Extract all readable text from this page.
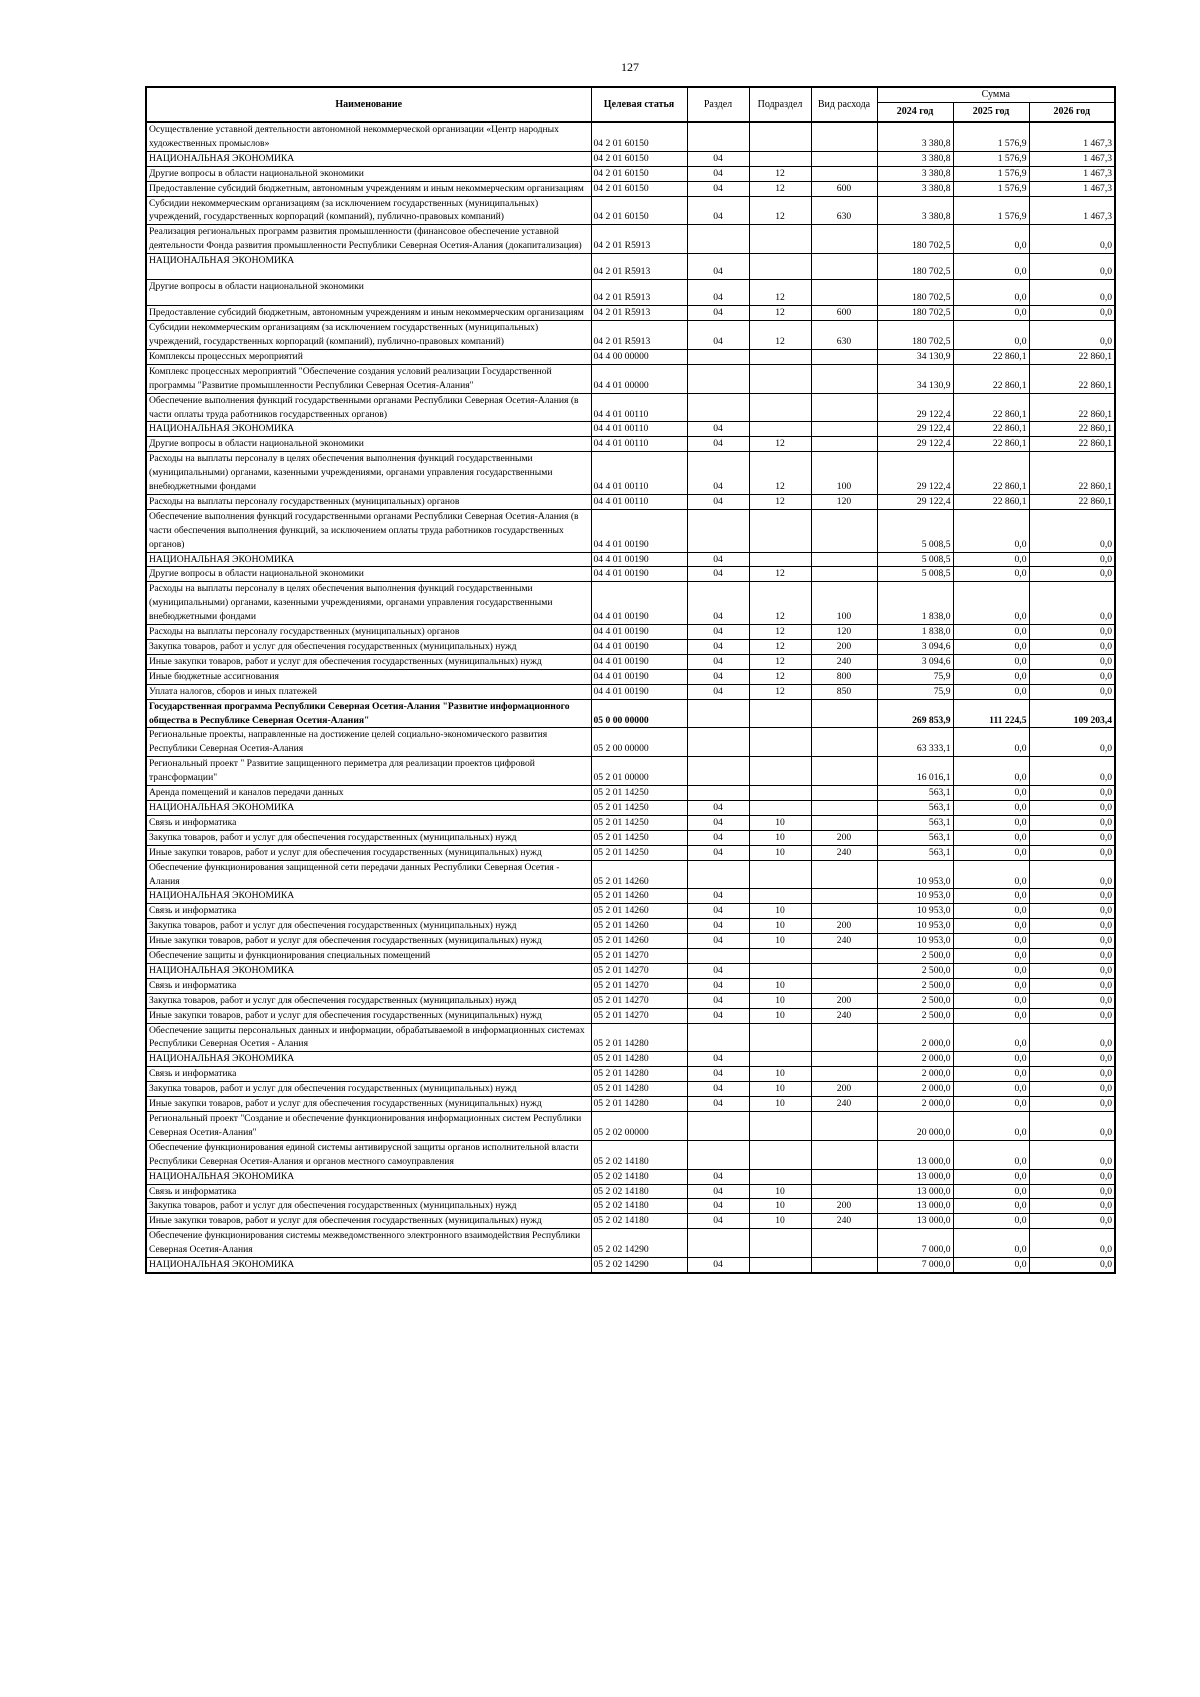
127
Наименование	Целевая статья	Раздел	Подраздел	Вид расхода	Сумма		
					2024 год	2025 год	2026 год
Осуществление уставной деятельности автономной некоммерческой организации «Центр народных художественных промыслов»	04 2 01 60150				3 380,8	1 576,9	1 467,3
НАЦИОНАЛЬНАЯ ЭКОНОМИКА	04 2 01 60150	04			3 380,8	1 576,9	1 467,3
Другие вопросы в области национальной экономики	04 2 01 60150	04	12		3 380,8	1 576,9	1 467,3
Предоставление субсидий бюджетным, автономным учреждениям и иным некоммерческим организациям	04 2 01 60150	04	12	600	3 380,8	1 576,9	1 467,3
Субсидии некоммерческим организациям (за исключением государственных (муниципальных) учреждений, государственных корпораций (компаний), публично-правовых компаний)	04 2 01 60150	04	12	630	3 380,8	1 576,9	1 467,3
Реализация региональных программ развития промышленности (финансовое обеспечение уставной деятельности Фонда развития промышленности Республики Северная Осетия-Алания (докапитализация)	04 2 01 R5913				180 702,5	0,0	0,0
НАЦИОНАЛЬНАЯ ЭКОНОМИКА	04 2 01 R5913	04			180 702,5	0,0	0,0
Другие вопросы в области национальной экономики	04 2 01 R5913	04	12		180 702,5	0,0	0,0
Предоставление субсидий бюджетным, автономным учреждениям и иным некоммерческим организациям	04 2 01 R5913	04	12	600	180 702,5	0,0	0,0
Субсидии некоммерческим организациям (за исключением государственных (муниципальных) учреждений, государственных корпораций (компаний), публично-правовых компаний)	04 2 01 R5913	04	12	630	180 702,5	0,0	0,0
Комплексы процессных мероприятий	04 4 00 00000				34 130,9	22 860,1	22 860,1
Комплекс процессных мероприятий "Обеспечение создания условий реализации Государственной программы "Развитие промышленности Республики Северная Осетия-Алания"	04 4 01 00000				34 130,9	22 860,1	22 860,1
Обеспечение выполнения функций государственными органами Республики Северная Осетия-Алания (в части оплаты труда работников государственных органов)	04 4 01 00110				29 122,4	22 860,1	22 860,1
НАЦИОНАЛЬНАЯ ЭКОНОМИКА	04 4 01 00110	04			29 122,4	22 860,1	22 860,1
Другие вопросы в области национальной экономики	04 4 01 00110	04	12		29 122,4	22 860,1	22 860,1
Расходы на выплаты персоналу в целях обеспечения выполнения функций государственными (муниципальными) органами, казенными учреждениями, органами управления государственными внебюджетными фондами	04 4 01 00110	04	12	100	29 122,4	22 860,1	22 860,1
Расходы на выплаты персоналу государственных (муниципальных) органов	04 4 01 00110	04	12	120	29 122,4	22 860,1	22 860,1
Обеспечение выполнения функций государственными органами Республики Северная Осетия-Алания (в части обеспечения выполнения функций, за исключением оплаты труда работников государственных органов)	04 4 01 00190				5 008,5	0,0	0,0
НАЦИОНАЛЬНАЯ ЭКОНОМИКА	04 4 01 00190	04			5 008,5	0,0	0,0
Другие вопросы в области национальной экономики	04 4 01 00190	04	12		5 008,5	0,0	0,0
Расходы на выплаты персоналу в целях обеспечения выполнения функций государственными (муниципальными) органами, казенными учреждениями, органами управления государственными внебюджетными фондами	04 4 01 00190	04	12	100	1 838,0	0,0	0,0
Расходы на выплаты персоналу государственных (муниципальных) органов	04 4 01 00190	04	12	120	1 838,0	0,0	0,0
Закупка товаров, работ и услуг для обеспечения государственных (муниципальных) нужд	04 4 01 00190	04	12	200	3 094,6	0,0	0,0
Иные закупки товаров, работ и услуг для обеспечения государственных (муниципальных) нужд	04 4 01 00190	04	12	240	3 094,6	0,0	0,0
Иные бюджетные ассигнования	04 4 01 00190	04	12	800	75,9	0,0	0,0
Уплата налогов, сборов и иных платежей	04 4 01 00190	04	12	850	75,9	0,0	0,0
Государственная программа Республики Северная Осетия-Алания "Развитие информационного общества в Республике Северная Осетия-Алания"	05 0 00 00000				269 853,9	111 224,5	109 203,4
Региональные проекты, направленные на достижение целей социально-экономического развития Республики Северная Осетия-Алания	05 2 00 00000				63 333,1	0,0	0,0
Региональный проект " Развитие защищенного периметра для реализации проектов цифровой трансформации"	05 2 01 00000				16 016,1	0,0	0,0
Аренда помещений и каналов передачи данных	05 2 01 14250				563,1	0,0	0,0
НАЦИОНАЛЬНАЯ ЭКОНОМИКА	05 2 01 14250	04			563,1	0,0	0,0
Связь и информатика	05 2 01 14250	04	10		563,1	0,0	0,0
Закупка товаров, работ и услуг для обеспечения государственных (муниципальных) нужд	05 2 01 14250	04	10	200	563,1	0,0	0,0
Иные закупки товаров, работ и услуг для обеспечения государственных (муниципальных) нужд	05 2 01 14250	04	10	240	563,1	0,0	0,0
Обеспечение функционирования защищенной сети передачи данных Республики Северная Осетия - Алания	05 2 01 14260				10 953,0	0,0	0,0
НАЦИОНАЛЬНАЯ ЭКОНОМИКА	05 2 01 14260	04			10 953,0	0,0	0,0
Связь и информатика	05 2 01 14260	04	10		10 953,0	0,0	0,0
Закупка товаров, работ и услуг для обеспечения государственных (муниципальных) нужд	05 2 01 14260	04	10	200	10 953,0	0,0	0,0
Иные закупки товаров, работ и услуг для обеспечения государственных (муниципальных) нужд	05 2 01 14260	04	10	240	10 953,0	0,0	0,0
Обеспечение защиты и функционирования специальных помещений	05 2 01 14270				2 500,0	0,0	0,0
НАЦИОНАЛЬНАЯ ЭКОНОМИКА	05 2 01 14270	04			2 500,0	0,0	0,0
Связь и информатика	05 2 01 14270	04	10		2 500,0	0,0	0,0
Закупка товаров, работ и услуг для обеспечения государственных (муниципальных) нужд	05 2 01 14270	04	10	200	2 500,0	0,0	0,0
Иные закупки товаров, работ и услуг для обеспечения государственных (муниципальных) нужд	05 2 01 14270	04	10	240	2 500,0	0,0	0,0
Обеспечение защиты персональных данных и информации, обрабатываемой в информационных системах Республики Северная Осетия - Алания	05 2 01 14280				2 000,0	0,0	0,0
НАЦИОНАЛЬНАЯ ЭКОНОМИКА	05 2 01 14280	04			2 000,0	0,0	0,0
Связь и информатика	05 2 01 14280	04	10		2 000,0	0,0	0,0
Закупка товаров, работ и услуг для обеспечения государственных (муниципальных) нужд	05 2 01 14280	04	10	200	2 000,0	0,0	0,0
Иные закупки товаров, работ и услуг для обеспечения государственных (муниципальных) нужд	05 2 01 14280	04	10	240	2 000,0	0,0	0,0
Региональный проект "Создание и обеспечение функционирования информационных систем Республики Северная Осетия-Алания"	05 2 02 00000				20 000,0	0,0	0,0
Обеспечение функционирования единой системы антивирусной защиты органов исполнительной власти Республики Северная Осетия-Алания и органов местного самоуправления	05 2 02 14180				13 000,0	0,0	0,0
НАЦИОНАЛЬНАЯ ЭКОНОМИКА	05 2 02 14180	04			13 000,0	0,0	0,0
Связь и информатика	05 2 02 14180	04	10		13 000,0	0,0	0,0
Закупка товаров, работ и услуг для обеспечения государственных (муниципальных) нужд	05 2 02 14180	04	10	200	13 000,0	0,0	0,0
Иные закупки товаров, работ и услуг для обеспечения государственных (муниципальных) нужд	05 2 02 14180	04	10	240	13 000,0	0,0	0,0
Обеспечение функционирования системы межведомственного электронного взаимодействия Республики Северная Осетия-Алания	05 2 02 14290				7 000,0	0,0	0,0
НАЦИОНАЛЬНАЯ ЭКОНОМИКА	05 2 02 14290	04			7 000,0	0,0	0,0
